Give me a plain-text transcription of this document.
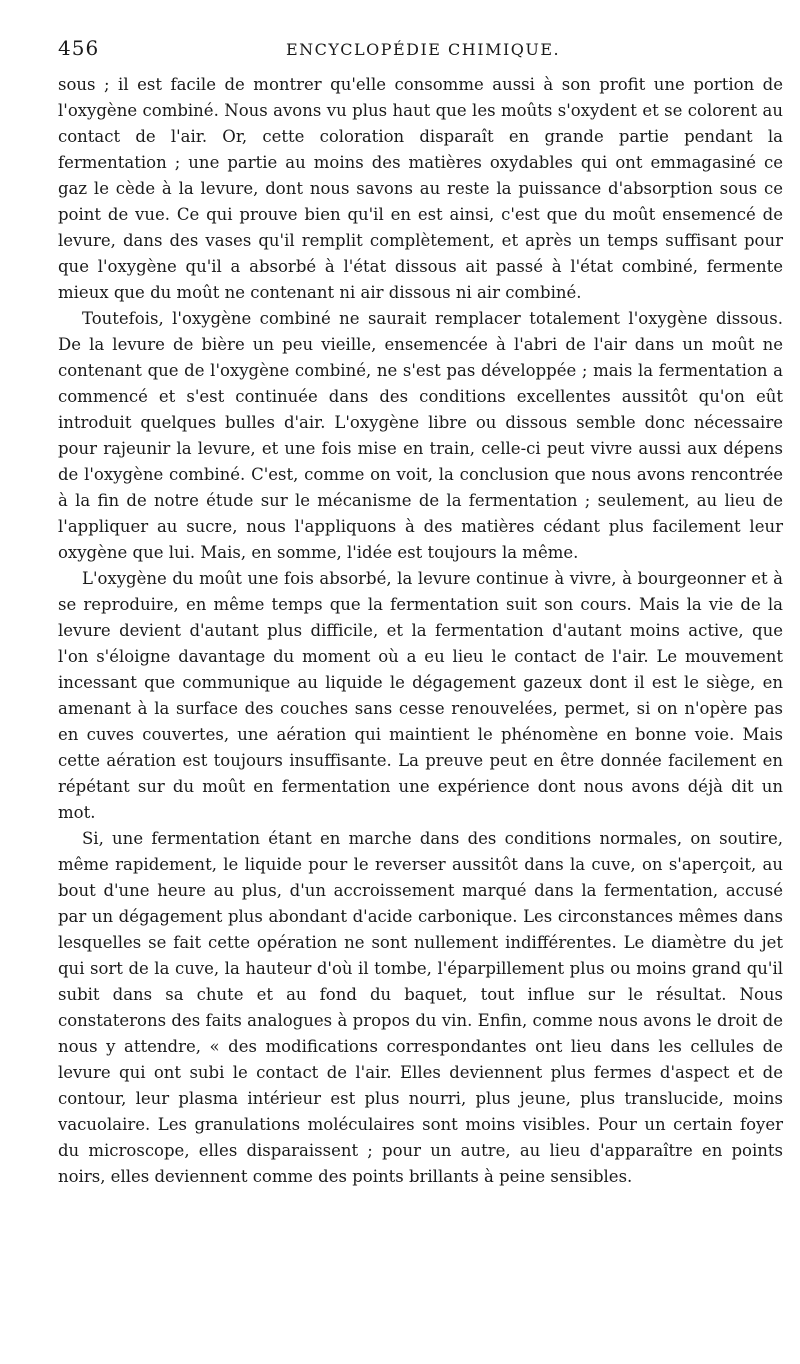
456	ENCYCLOPÉDIE CHIMIQUE.

sous ; il est facile de montrer qu'elle consomme aussi à son profit une portion de l'oxygène combiné. Nous avons vu plus haut que les moûts s'oxydent et se colorent au contact de l'air. Or, cette coloration disparaît en grande partie pendant la fermentation ; une partie au moins des matières oxydables qui ont emmagasiné ce gaz le cède à la levure, dont nous savons au reste la puissance d'absorption sous ce point de vue. Ce qui prouve bien qu'il en est ainsi, c'est que du moût ensemencé de levure, dans des vases qu'il remplit complètement, et après un temps suffisant pour que l'oxygène qu'il a absorbé à l'état dissous ait passé à l'état combiné, fermente mieux que du moût ne contenant ni air dissous ni air combiné.

Toutefois, l'oxygène combiné ne saurait remplacer totalement l'oxygène dissous. De la levure de bière un peu vieille, ensemencée à l'abri de l'air dans un moût ne contenant que de l'oxygène combiné, ne s'est pas développée ; mais la fermentation a commencé et s'est continuée dans des conditions excellentes aussitôt qu'on eût introduit quelques bulles d'air. L'oxygène libre ou dissous semble donc nécessaire pour rajeunir la levure, et une fois mise en train, celle-ci peut vivre aussi aux dépens de l'oxygène combiné. C'est, comme on voit, la conclusion que nous avons rencontrée à la fin de notre étude sur le mécanisme de la fermentation ; seulement, au lieu de l'appliquer au sucre, nous l'appliquons à des matières cédant plus facilement leur oxygène que lui. Mais, en somme, l'idée est toujours la même.

L'oxygène du moût une fois absorbé, la levure continue à vivre, à bourgeonner et à se reproduire, en même temps que la fermentation suit son cours. Mais la vie de la levure devient d'autant plus difficile, et la fermentation d'autant moins active, que l'on s'éloigne davantage du moment où a eu lieu le contact de l'air. Le mouvement incessant que communique au liquide le dégagement gazeux dont il est le siège, en amenant à la surface des couches sans cesse renouvelées, permet, si on n'opère pas en cuves couvertes, une aération qui maintient le phénomène en bonne voie. Mais cette aération est toujours insuffisante. La preuve peut en être donnée facilement en répétant sur du moût en fermentation une expérience dont nous avons déjà dit un mot.

Si, une fermentation étant en marche dans des conditions normales, on soutire, même rapidement, le liquide pour le reverser aussitôt dans la cuve, on s'aperçoit, au bout d'une heure au plus, d'un accroissement marqué dans la fermentation, accusé par un dégagement plus abondant d'acide carbonique. Les circonstances mêmes dans lesquelles se fait cette opération ne sont nullement indifférentes. Le diamètre du jet qui sort de la cuve, la hauteur d'où il tombe, l'éparpillement plus ou moins grand qu'il subit dans sa chute et au fond du baquet, tout influe sur le résultat. Nous constaterons des faits analogues à propos du vin. Enfin, comme nous avons le droit de nous y attendre, « des modifications correspondantes ont lieu dans les cellules de levure qui ont subi le contact de l'air. Elles deviennent plus fermes d'aspect et de contour, leur plasma intérieur est plus nourri, plus jeune, plus translucide, moins vacuolaire. Les granulations moléculaires sont moins visibles. Pour un certain foyer du microscope, elles disparaissent ; pour un autre, au lieu d'apparaître en points noirs, elles deviennent comme des points brillants à peine sensibles.
